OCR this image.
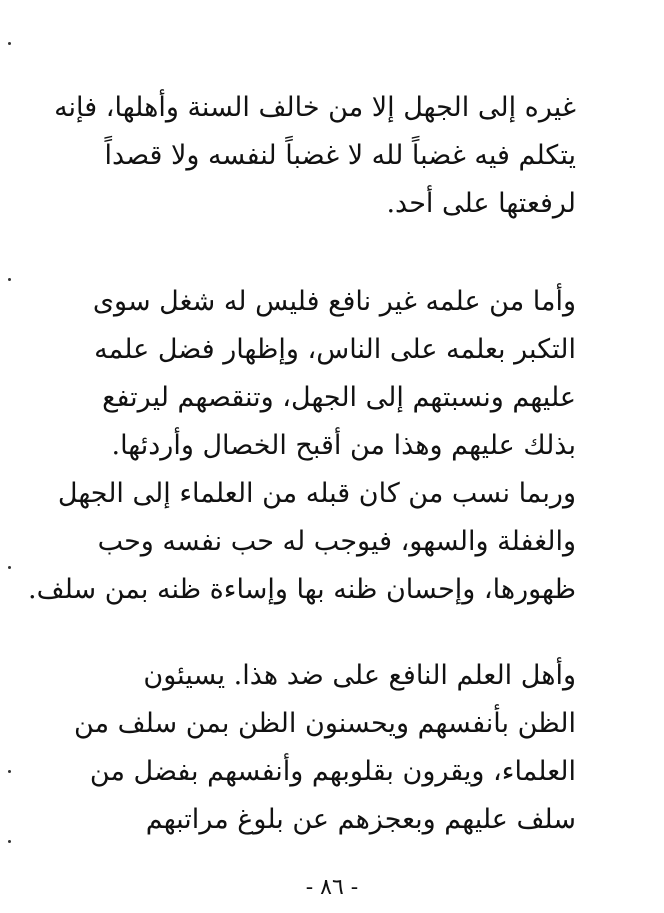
غيره إلى الجهل إلا من خالف السنة وأهلها، فإنه
يتكلم فيه غضباً لله لا غضباً لنفسه ولا قصداً
لرفعتها على أحد.
وأما من علمه غير نافع فليس له شغل سوى
التكبر بعلمه على الناس، وإظهار فضل علمه
عليهم ونسبتهم إلى الجهل، وتنقصهم ليرتفع
بذلك عليهم وهذا من أقبح الخصال وأردئها.
وربما نسب من كان قبله من العلماء إلى الجهل
والغفلة والسهو، فيوجب له حب نفسه وحب
ظهورها، وإحسان ظنه بها وإساءة ظنه بمن سلف.
وأهل العلم النافع على ضد هذا. يسيئون
الظن بأنفسهم ويحسنون الظن بمن سلف من
العلماء، ويقرون بقلوبهم وأنفسهم بفضل من
سلف عليهم وبعجزهم عن بلوغ مراتبهم
- ٨٦ -
